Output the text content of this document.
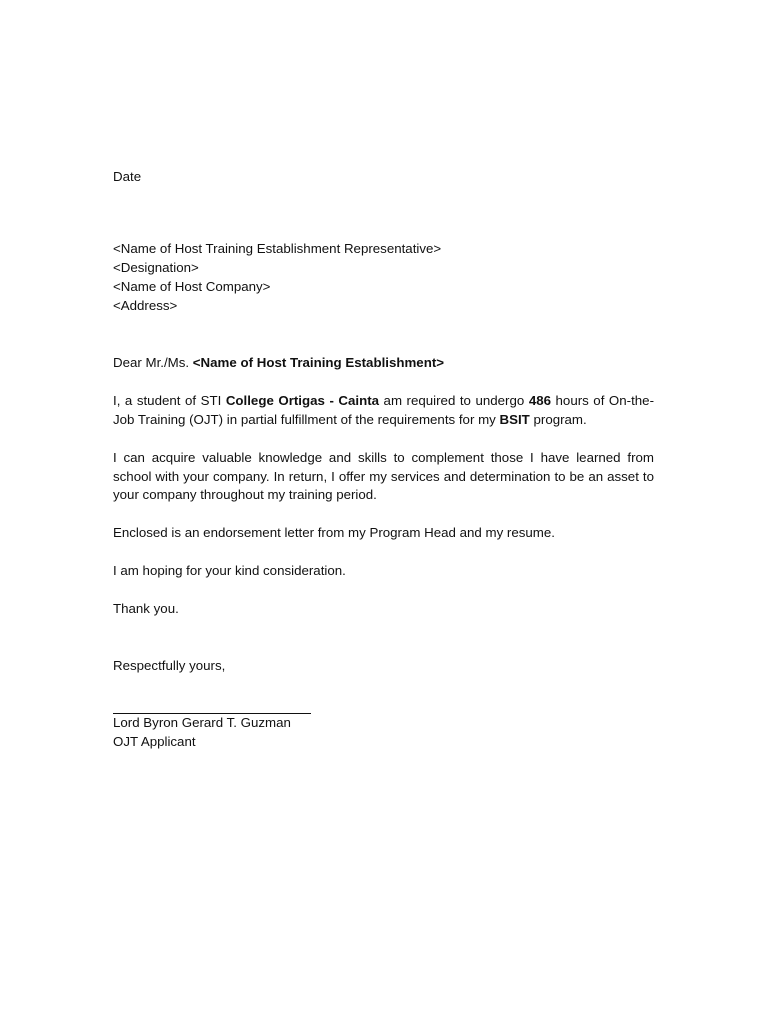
Date
<Name of Host Training Establishment Representative>
<Designation>
<Name of Host Company>
<Address>
Dear Mr./Ms. <Name of Host Training Establishment>
I, a student of STI College Ortigas - Cainta am required to undergo 486 hours of On-the-Job Training (OJT) in partial fulfillment of the requirements for my BSIT program.
I can acquire valuable knowledge and skills to complement those I have learned from school with your company. In return, I offer my services and determination to be an asset to your company throughout my training period.
Enclosed is an endorsement letter from my Program Head and my resume.
I am hoping for your kind consideration.
Thank you.
Respectfully yours,
Lord Byron Gerard T. Guzman
OJT Applicant
